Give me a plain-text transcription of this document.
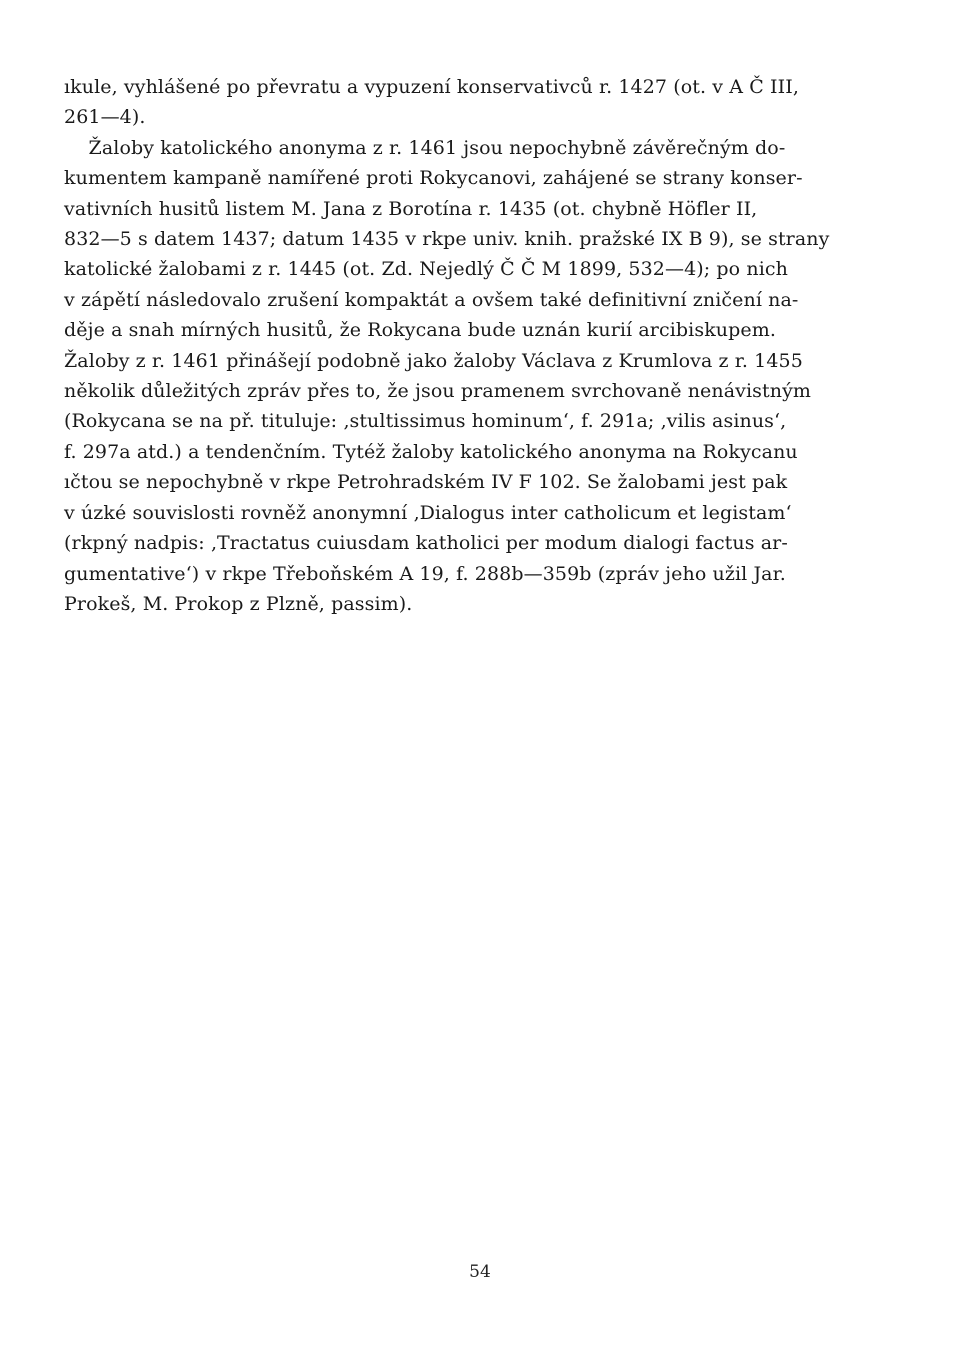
ıkule, vyhlášené po převratu a vypuzení konservativců r. 1427 (ot. v A Č III,
261—4).
Žaloby katolického anonyma z r. 1461 jsou nepochybně závěrečným do-
kumentem kampaně namířené proti Rokycanovi, zahájené se strany konser-
vativních husitů listem M. Jana z Borotína r. 1435 (ot. chybně Höfler II,
832—5 s datem 1437; datum 1435 v rkpe univ. knih. pražské IX B 9), se strany
katolické žalobami z r. 1445 (ot. Zd. Nejedlý Č Č M 1899, 532—4); po nich
v zápětí následovalo zrušení kompaktát a ovšem také definitivní zničení na-
děje a snah mírných husitů, že Rokycana bude uznán kurií arcibiskupem.
Žaloby z r. 1461 přinášejí podobně jako žaloby Václava z Krumlova z r. 1455
několik důležitých zpráv přes to, že jsou pramenem svrchovaně nenávistným
(Rokycana se na př. tituluje: ‚stultissimus hominum‘, f. 291a; ‚vilis asinus‘,
f. 297a atd.) a tendenčním. Tytéž žaloby katolického anonyma na Rokycanu
ıčtou se nepochybně v rkpe Petrohradském IV F 102. Se žalobami jest pak
v úzké souvislosti rovněž anonymní ‚Dialogus inter catholicum et legistam‘
(rkpný nadpis: ‚Tractatus cuiusdam katholici per modum dialogi factus ar-
gumentative‘) v rkpe Třeboňském A 19, f. 288b—359b (zpráv jeho užil Jar.
Prokeš, M. Prokop z Plzně, passim).
54
